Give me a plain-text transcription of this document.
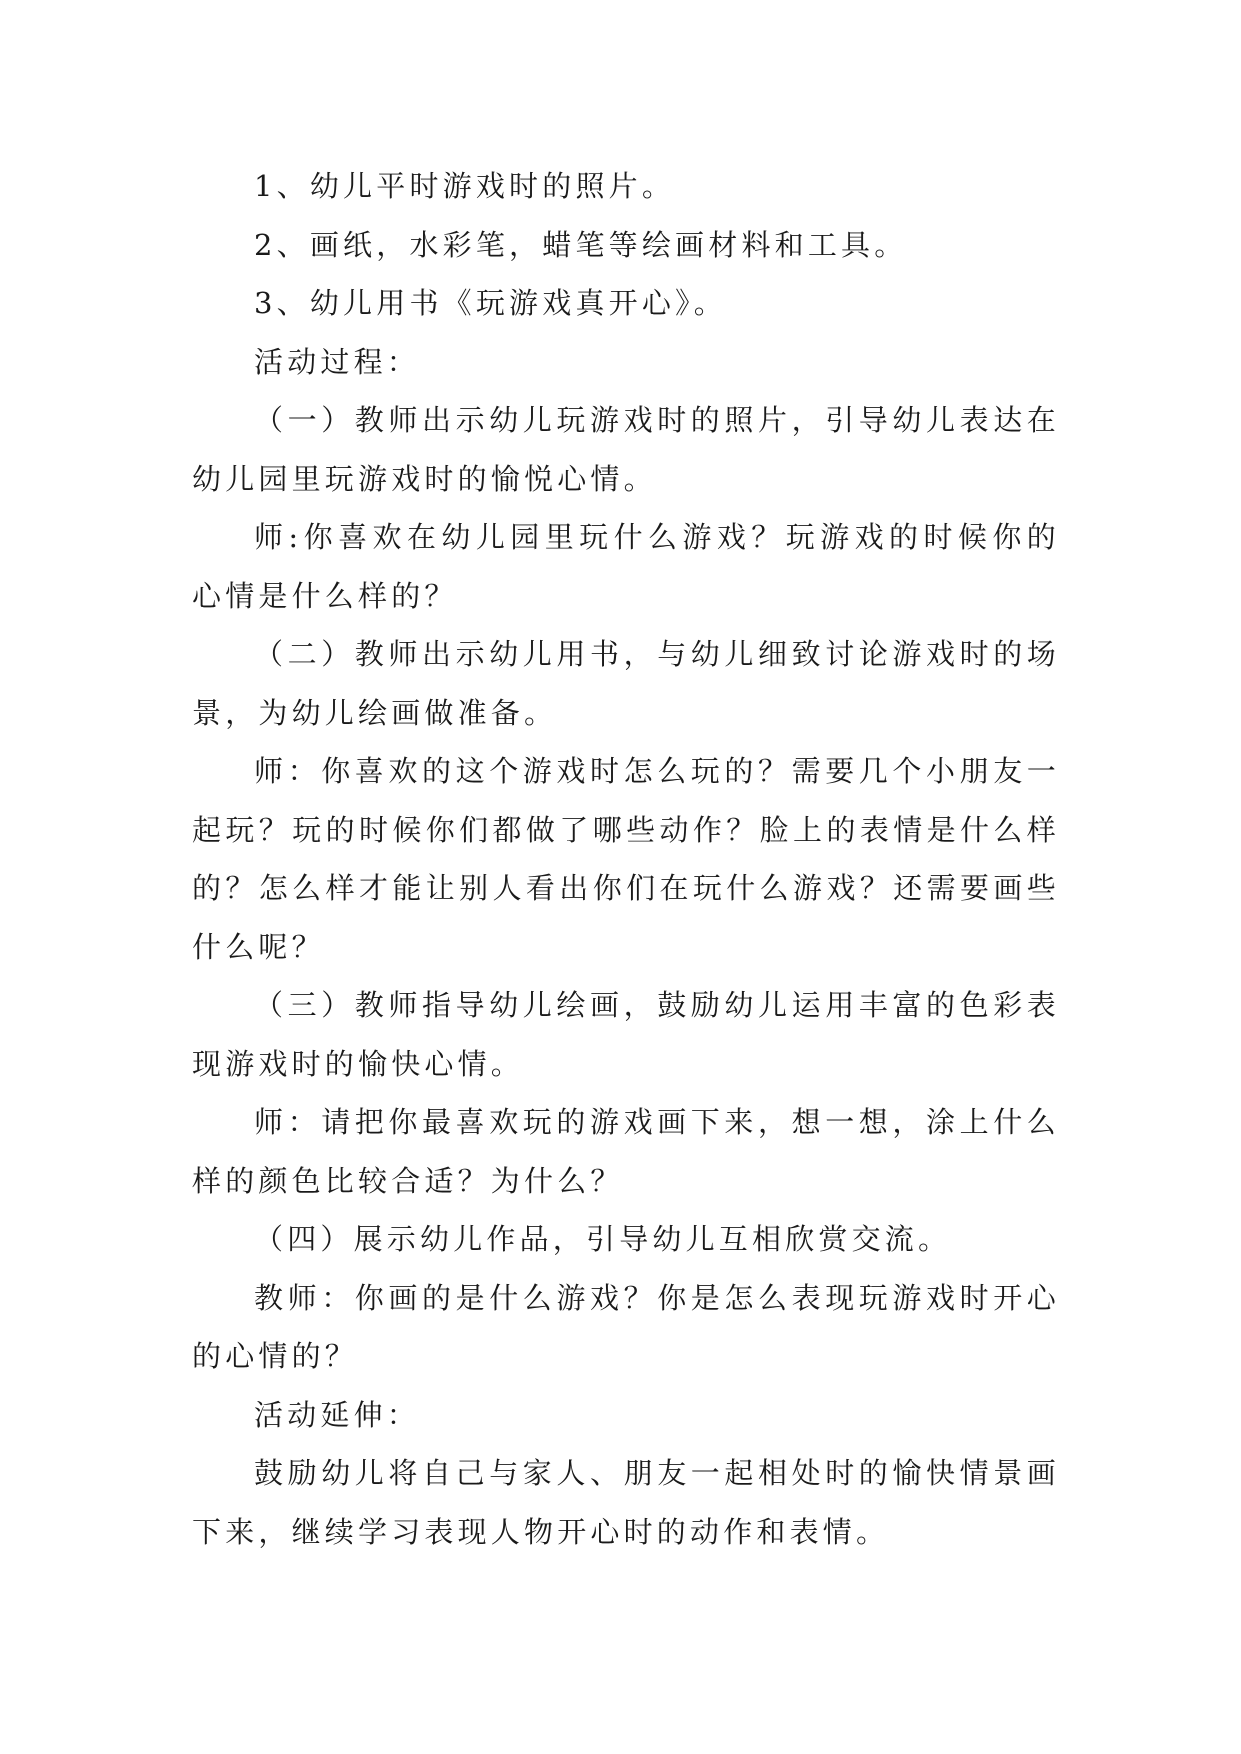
1、幼儿平时游戏时的照片。

2、画纸，水彩笔，蜡笔等绘画材料和工具。

3、幼儿用书《玩游戏真开心》。

活动过程：

（一）教师出示幼儿玩游戏时的照片，引导幼儿表达在幼儿园里玩游戏时的愉悦心情。

师:你喜欢在幼儿园里玩什么游戏？玩游戏的时候你的心情是什么样的？

（二）教师出示幼儿用书，与幼儿细致讨论游戏时的场景，为幼儿绘画做准备。

师：你喜欢的这个游戏时怎么玩的？需要几个小朋友一起玩？玩的时候你们都做了哪些动作？脸上的表情是什么样的？怎么样才能让别人看出你们在玩什么游戏？还需要画些什么呢？

（三）教师指导幼儿绘画，鼓励幼儿运用丰富的色彩表现游戏时的愉快心情。

师：请把你最喜欢玩的游戏画下来，想一想，涂上什么样的颜色比较合适？为什么？

（四）展示幼儿作品，引导幼儿互相欣赏交流。

教师：你画的是什么游戏？你是怎么表现玩游戏时开心的心情的？

活动延伸：

鼓励幼儿将自己与家人、朋友一起相处时的愉快情景画下来，继续学习表现人物开心时的动作和表情。
